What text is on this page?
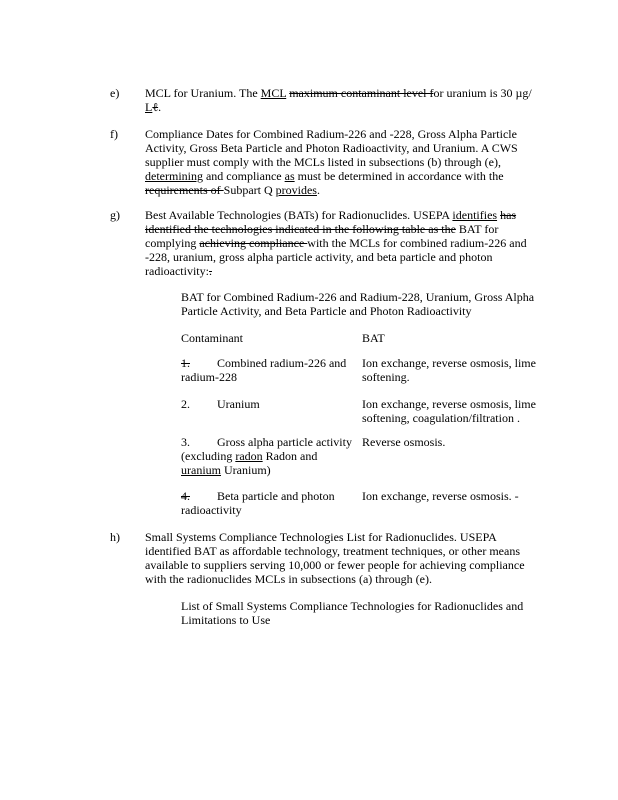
e) MCL for Uranium. The MCL maximum contaminant level for uranium is 30 µg/
Lℓ.
f) Compliance Dates for Combined Radium-226 and -228, Gross Alpha Particle Activity, Gross Beta Particle and Photon Radioactivity, and Uranium. A CWS supplier must comply with the MCLs listed in subsections (b) through (e), determining and compliance as must be determined in accordance with the requirements of Subpart Q provides.
g) Best Available Technologies (BATs) for Radionuclides. USEPA identifies has identified the technologies indicated in the following table as the BAT for complying achieving compliance with the MCLs for combined radium-226 and -228, uranium, gross alpha particle activity, and beta particle and photon radioactivity:.
BAT for Combined Radium-226 and Radium-228, Uranium, Gross Alpha Particle Activity, and Beta Particle and Photon Radioactivity
Contaminant	BAT
1. Combined radium-226 and radium-228
Ion exchange, reverse osmosis, lime softening.
2. Uranium	Ion exchange, reverse osmosis, lime softening, coagulation/filtration .
3. Gross alpha particle activity (excluding radon Radon and uranium Uranium)
Reverse osmosis.
4. Beta particle and photon radioactivity
Ion exchange, reverse osmosis. -
h) Small Systems Compliance Technologies List for Radionuclides. USEPA identified BAT as affordable technology, treatment techniques, or other means available to suppliers serving 10,000 or fewer people for achieving compliance with the radionuclides MCLs in subsections (a) through (e).
List of Small Systems Compliance Technologies for Radionuclides and Limitations to Use
